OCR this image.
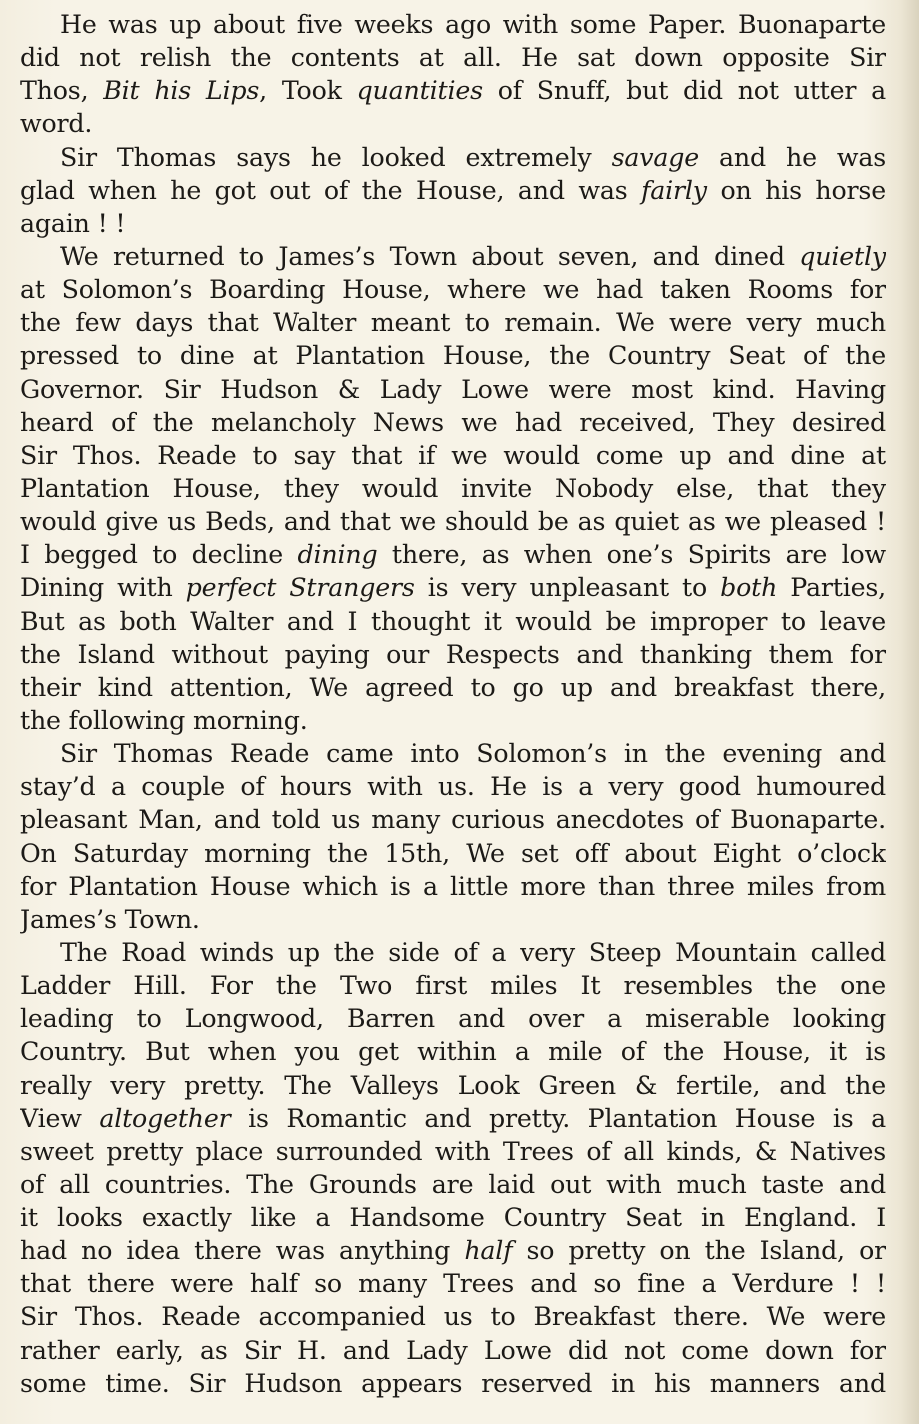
He was up about five weeks ago with some Paper. Buonaparte
did not relish the contents at all. He sat down opposite Sir
Thos, Bit his Lips, Took quantities of Snuff, but did not utter a
word.
Sir Thomas says he looked extremely savage and he was
glad when he got out of the House, and was fairly on his horse
again ! !
We returned to James’s Town about seven, and dined quietly
at Solomon’s Boarding House, where we had taken Rooms for
the few days that Walter meant to remain. We were very much
pressed to dine at Plantation House, the Country Seat of the
Governor. Sir Hudson & Lady Lowe were most kind. Having
heard of the melancholy News we had received, They desired
Sir Thos. Reade to say that if we would come up and dine at
Plantation House, they would invite Nobody else, that they
would give us Beds, and that we should be as quiet as we pleased !
I begged to decline dining there, as when one’s Spirits are low
Dining with perfect Strangers is very unpleasant to both Parties,
But as both Walter and I thought it would be improper to leave
the Island without paying our Respects and thanking them for
their kind attention, We agreed to go up and breakfast there,
the following morning.
Sir Thomas Reade came into Solomon’s in the evening and
stay’d a couple of hours with us. He is a very good humoured
pleasant Man, and told us many curious anecdotes of Buonaparte.
On Saturday morning the 15th, We set off about Eight o’clock
for Plantation House which is a little more than three miles from
James’s Town.
The Road winds up the side of a very Steep Mountain called
Ladder Hill. For the Two first miles It resembles the one
leading to Longwood, Barren and over a miserable looking
Country. But when you get within a mile of the House, it is
really very pretty. The Valleys Look Green & fertile, and the
View altogether is Romantic and pretty. Plantation House is a
sweet pretty place surrounded with Trees of all kinds, & Natives
of all countries. The Grounds are laid out with much taste and
it looks exactly like a Handsome Country Seat in England. I
had no idea there was anything half so pretty on the Island, or
that there were half so many Trees and so fine a Verdure ! !
Sir Thos. Reade accompanied us to Breakfast there. We were
rather early, as Sir H. and Lady Lowe did not come down for
some time. Sir Hudson appears reserved in his manners and
